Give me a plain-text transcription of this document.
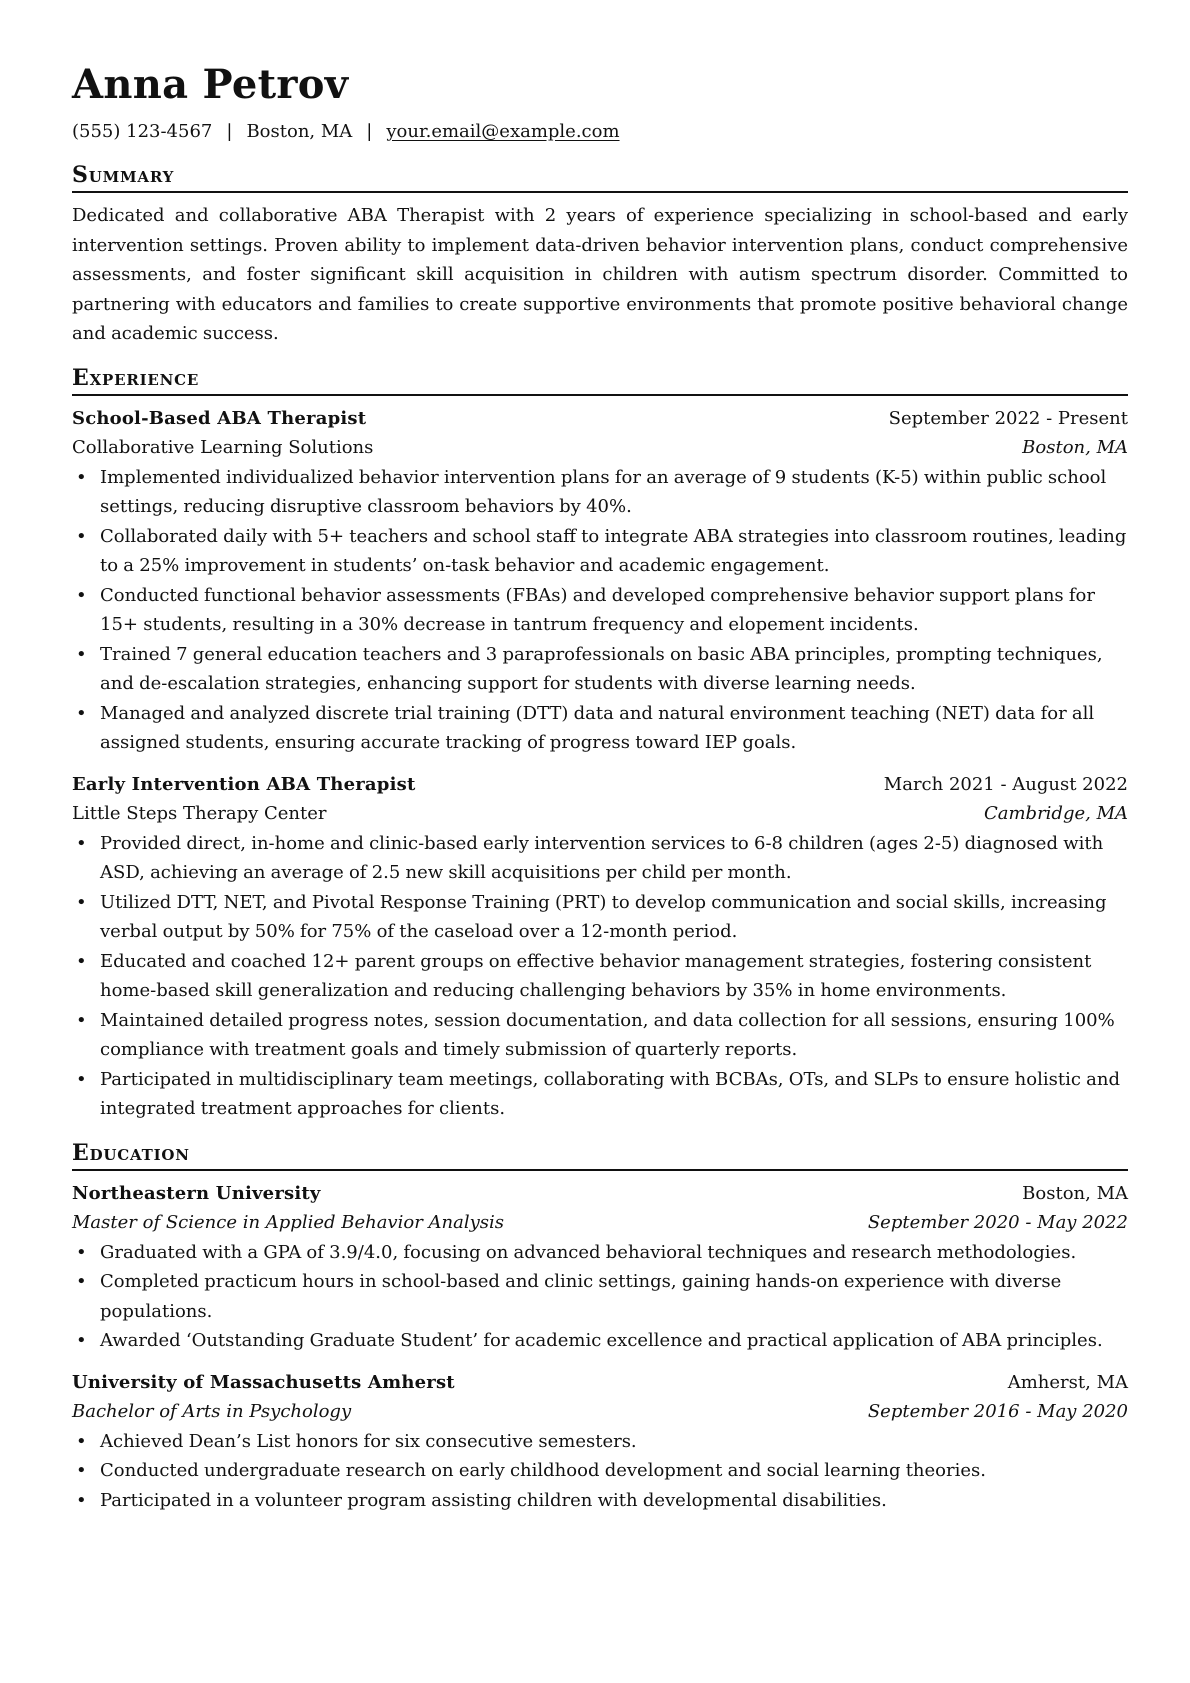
Anna Petrov
(555) 123-4567 | Boston, MA | your.email@example.com
Summary

Dedicated and collaborative ABA Therapist with 2 years of experience specializing in school-based and early intervention settings. Proven ability to implement data-driven behavior intervention plans, conduct comprehensive assessments, and foster significant skill acquisition in children with autism spectrum disorder. Committed to partnering with educators and families to create supportive environments that promote positive behavioral change and academic success.

Experience
School-Based ABA Therapist	September 2022 - Present
Collaborative Learning Solutions	Boston, MA
• Implemented individualized behavior intervention plans for an average of 9 students (K-5) within public school settings, reducing disruptive classroom behaviors by 40%.
• Collaborated daily with 5+ teachers and school staff to integrate ABA strategies into classroom routines, leading to a 25% improvement in students’ on-task behavior and academic engagement.
• Conducted functional behavior assessments (FBAs) and developed comprehensive behavior support plans for 15+ students, resulting in a 30% decrease in tantrum frequency and elopement incidents.
• Trained 7 general education teachers and 3 paraprofessionals on basic ABA principles, prompting techniques, and de-escalation strategies, enhancing support for students with diverse learning needs.
• Managed and analyzed discrete trial training (DTT) data and natural environment teaching (NET) data for all assigned students, ensuring accurate tracking of progress toward IEP goals.
Early Intervention ABA Therapist	March 2021 - August 2022
Little Steps Therapy Center	Cambridge, MA
• Provided direct, in-home and clinic-based early intervention services to 6-8 children (ages 2-5) diagnosed with ASD, achieving an average of 2.5 new skill acquisitions per child per month.
• Utilized DTT, NET, and Pivotal Response Training (PRT) to develop communication and social skills, increasing verbal output by 50% for 75% of the caseload over a 12-month period.
• Educated and coached 12+ parent groups on effective behavior management strategies, fostering consistent home-based skill generalization and reducing challenging behaviors by 35% in home environments.
• Maintained detailed progress notes, session documentation, and data collection for all sessions, ensuring 100% compliance with treatment goals and timely submission of quarterly reports.
• Participated in multidisciplinary team meetings, collaborating with BCBAs, OTs, and SLPs to ensure holistic and integrated treatment approaches for clients.
Education
Northeastern University	Boston, MA
Master of Science in Applied Behavior Analysis	September 2020 - May 2022
• Graduated with a GPA of 3.9/4.0, focusing on advanced behavioral techniques and research methodologies.
• Completed practicum hours in school-based and clinic settings, gaining hands-on experience with diverse populations.
• Awarded ‘Outstanding Graduate Student’ for academic excellence and practical application of ABA principles.
University of Massachusetts Amherst	Amherst, MA
Bachelor of Arts in Psychology	September 2016 - May 2020
• Achieved Dean’s List honors for six consecutive semesters.
• Conducted undergraduate research on early childhood development and social learning theories.
• Participated in a volunteer program assisting children with developmental disabilities.
